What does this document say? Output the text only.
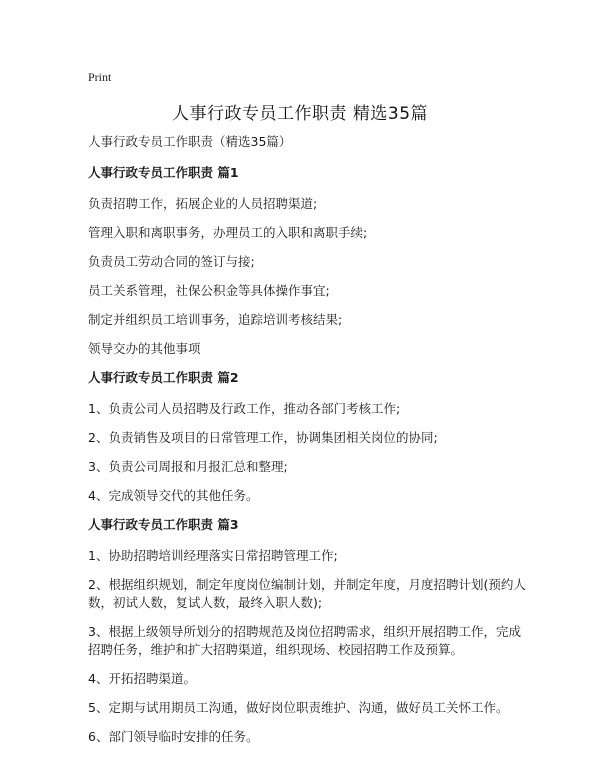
Print
人事行政专员工作职责 精选35篇

人事行政专员工作职责（精选35篇）

人事行政专员工作职责 篇1

负责招聘工作，拓展企业的人员招聘渠道;

管理入职和离职事务，办理员工的入职和离职手续;

负责员工劳动合同的签订与接;

员工关系管理，社保公积金等具体操作事宜;

制定并组织员工培训事务，追踪培训考核结果;

领导交办的其他事项

人事行政专员工作职责 篇2

1、负责公司人员招聘及行政工作，推动各部门考核工作;

2、负责销售及项目的日常管理工作，协调集团相关岗位的协同;

3、负责公司周报和月报汇总和整理;

4、完成领导交代的其他任务。

人事行政专员工作职责 篇3

1、协助招聘培训经理落实日常招聘管理工作;

2、根据组织规划，制定年度岗位编制计划，并制定年度，月度招聘计划(预约人数，初试人数，复试人数，最终入职人数);

3、根据上级领导所划分的招聘规范及岗位招聘需求，组织开展招聘工作，完成招聘任务，维护和扩大招聘渠道，组织现场、校园招聘工作及预算。

4、开拓招聘渠道。

5、定期与试用期员工沟通，做好岗位职责维护、沟通，做好员工关怀工作。

6、部门领导临时安排的任务。
